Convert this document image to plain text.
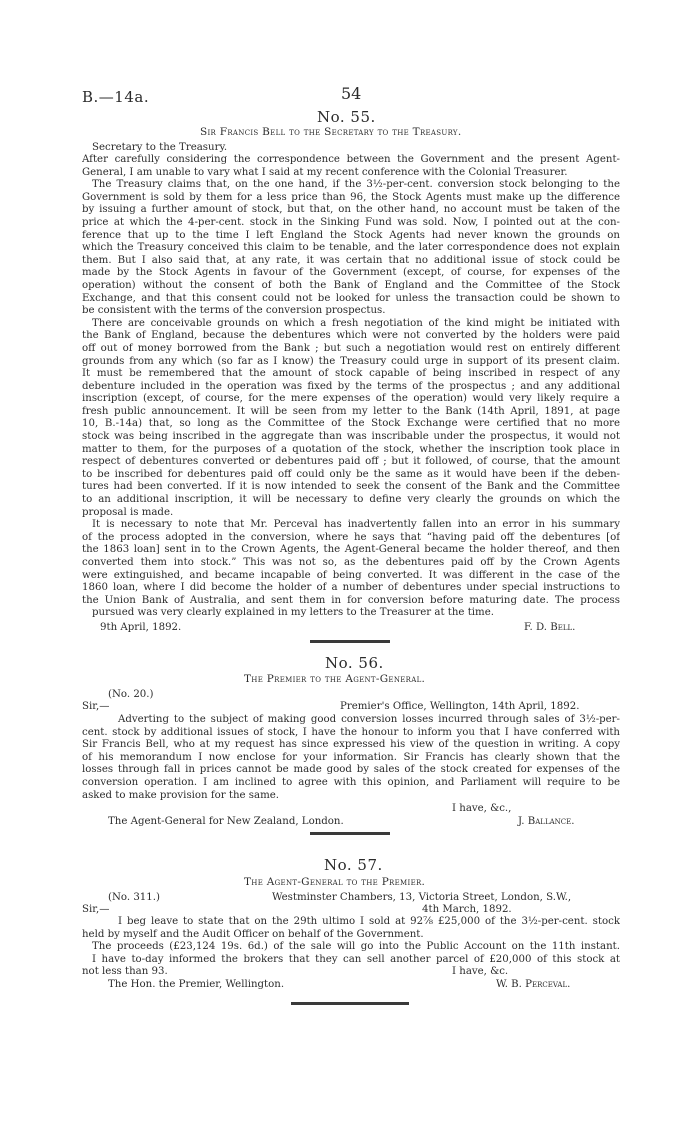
B.—14a.	54
No. 55.
Sir Francis Bell to the Secretary to the Treasury.
Secretary to the Treasury.
After carefully considering the correspondence between the Government and the present Agent-
General, I am unable to vary what I said at my recent conference with the Colonial Treasurer.
The Treasury claims that, on the one hand, if the 3½-per-cent. conversion stock belonging to the
Government is sold by them for a less price than 96, the Stock Agents must make up the difference
by issuing a further amount of stock, but that, on the other hand, no account must be taken of the
price at which the 4-per-cent. stock in the Sinking Fund was sold. Now, I pointed out at the con-
ference that up to the time I left England the Stock Agents had never known the grounds on
which the Treasury conceived this claim to be tenable, and the later correspondence does not explain
them. But I also said that, at any rate, it was certain that no additional issue of stock could be
made by the Stock Agents in favour of the Government (except, of course, for expenses of the
operation) without the consent of both the Bank of England and the Committee of the Stock
Exchange, and that this consent could not be looked for unless the transaction could be shown to
be consistent with the terms of the conversion prospectus.
There are conceivable grounds on which a fresh negotiation of the kind might be initiated with
the Bank of England, because the debentures which were not converted by the holders were paid
off out of money borrowed from the Bank ; but such a negotiation would rest on entirely different
grounds from any which (so far as I know) the Treasury could urge in support of its present claim.
It must be remembered that the amount of stock capable of being inscribed in respect of any
debenture included in the operation was fixed by the terms of the prospectus ; and any additional
inscription (except, of course, for the mere expenses of the operation) would very likely require a
fresh public announcement. It will be seen from my letter to the Bank (14th April, 1891, at page
10, B.-14a) that, so long as the Committee of the Stock Exchange were certified that no more
stock was being inscribed in the aggregate than was inscribable under the prospectus, it would not
matter to them, for the purposes of a quotation of the stock, whether the inscription took place in
respect of debentures converted or debentures paid off ; but it followed, of course, that the amount
to be inscribed for debentures paid off could only be the same as it would have been if the deben-
tures had been converted. If it is now intended to seek the consent of the Bank and the Committee
to an additional inscription, it will be necessary to define very clearly the grounds on which the
proposal is made.
It is necessary to note that Mr. Perceval has inadvertently fallen into an error in his summary
of the process adopted in the conversion, where he says that “having paid off the debentures [of
the 1863 loan] sent in to the Crown Agents, the Agent-General became the holder thereof, and then
converted them into stock.” This was not so, as the debentures paid off by the Crown Agents
were extinguished, and became incapable of being converted. It was different in the case of the
1860 loan, where I did become the holder of a number of debentures under special instructions to
the Union Bank of Australia, and sent them in for conversion before maturing date. The process
pursued was very clearly explained in my letters to the Treasurer at the time.
9th April, 1892.	F. D. Bell.
No. 56.
The Premier to the Agent-General.
(No. 20.)
Sir,—	Premier's Office, Wellington, 14th April, 1892.
Adverting to the subject of making good conversion losses incurred through sales of 3½-per-
cent. stock by additional issues of stock, I have the honour to inform you that I have conferred with
Sir Francis Bell, who at my request has since expressed his view of the question in writing. A copy
of his memorandum I now enclose for your information. Sir Francis has clearly shown that the
losses through fall in prices cannot be made good by sales of the stock created for expenses of the
conversion operation. I am inclined to agree with this opinion, and Parliament will require to be
asked to make provision for the same.
I have, &c.,
The Agent-General for New Zealand, London.	J. Ballance.
No. 57.
The Agent-General to the Premier.
(No. 311.)	Westminster Chambers, 13, Victoria Street, London, S.W.,
Sir,—	4th March, 1892.
I beg leave to state that on the 29th ultimo I sold at 92⅞ £25,000 of the 3½-per-cent. stock
held by myself and the Audit Officer on behalf of the Government.
The proceeds (£23,124 19s. 6d.) of the sale will go into the Public Account on the 11th instant.
I have to-day informed the brokers that they can sell another parcel of £20,000 of this stock at
not less than 93.	I have, &c.
The Hon. the Premier, Wellington.	W. B. Perceval.
